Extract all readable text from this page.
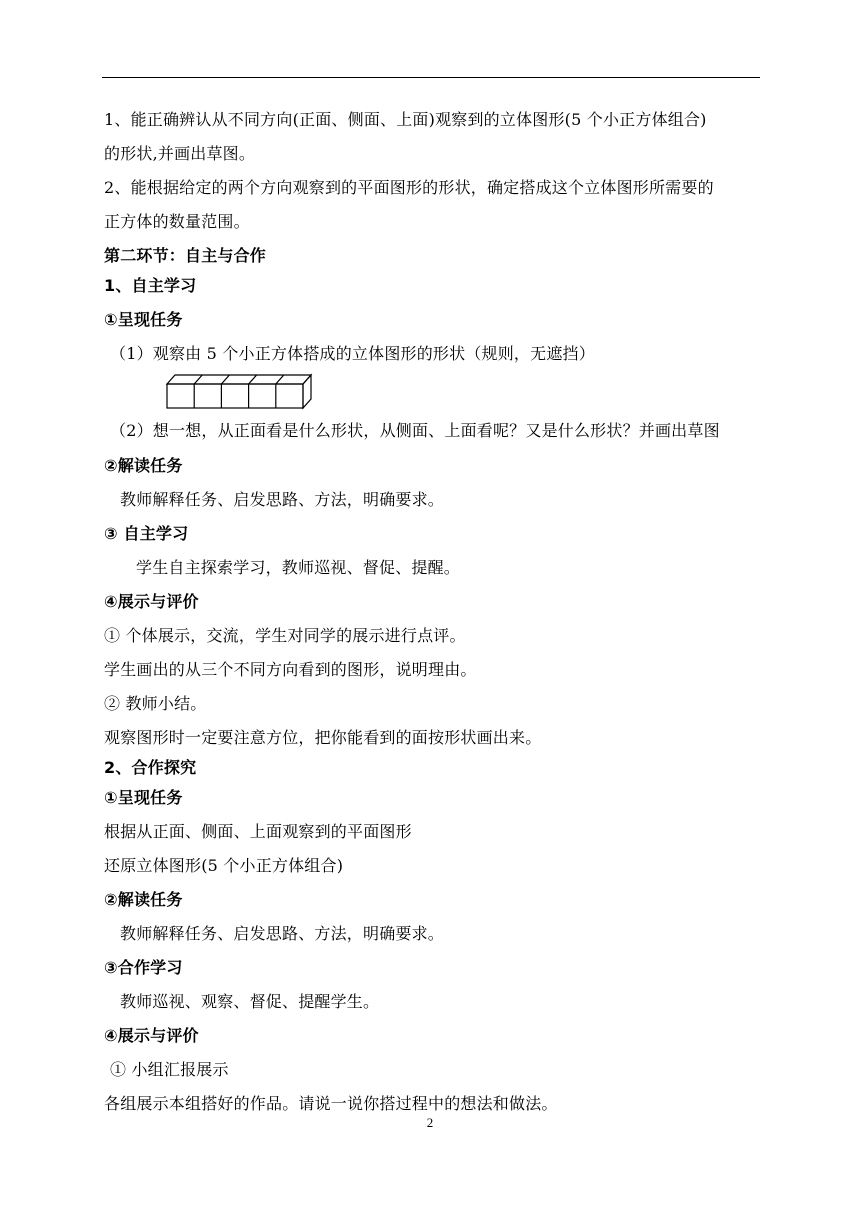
1、能正确辨认从不同方向(正面、侧面、上面)观察到的立体图形(5 个小正方体组合)
的形状,并画出草图。
2、能根据给定的两个方向观察到的平面图形的形状，确定搭成这个立体图形所需要的
正方体的数量范围。
第二环节：自主与合作
1、自主学习
①呈现任务
（1）观察由 5 个小正方体搭成的立体图形的形状（规则，无遮挡）
（2）想一想，从正面看是什么形状，从侧面、上面看呢？又是什么形状？并画出草图
②解读任务
教师解释任务、启发思路、方法，明确要求。
③ 自主学习
学生自主探索学习，教师巡视、督促、提醒。
④展示与评价
① 个体展示，交流，学生对同学的展示进行点评。
学生画出的从三个不同方向看到的图形，说明理由。
② 教师小结。
观察图形时一定要注意方位，把你能看到的面按形状画出来。
2、合作探究
①呈现任务
根据从正面、侧面、上面观察到的平面图形
还原立体图形(5 个小正方体组合)
②解读任务
教师解释任务、启发思路、方法，明确要求。
③合作学习
教师巡视、观察、督促、提醒学生。
④展示与评价
① 小组汇报展示
各组展示本组搭好的作品。请说一说你搭过程中的想法和做法。
2
